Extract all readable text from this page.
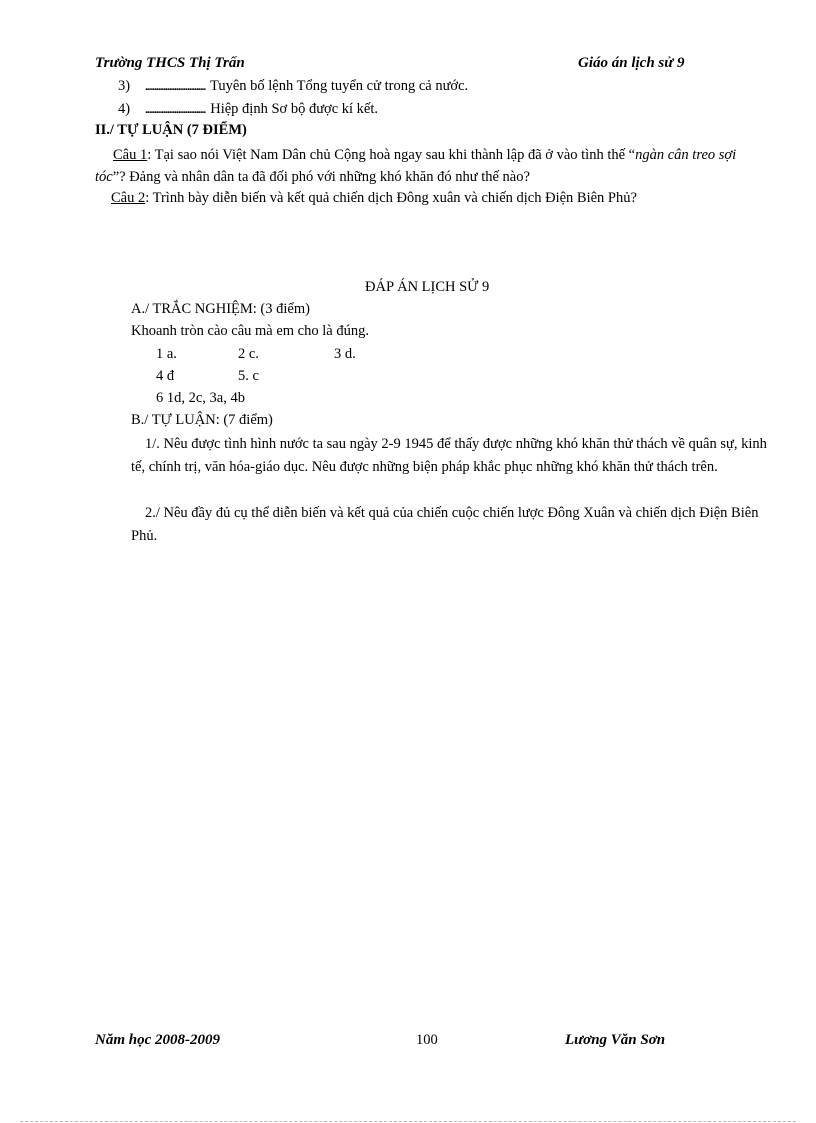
Trường THCS Thị Trấn	Giáo án lịch sử 9
3) ................................. Tuyên bố lệnh Tổng tuyển cử trong cả nước.
4) ................................. Hiệp định Sơ bộ được kí kết.
II./ TỰ LUẬN (7 ĐIỂM)
Câu 1: Tại sao nói Việt Nam Dân chủ Cộng hoà ngay sau khi thành lập đã ở vào tình thế “ngàn cân treo sợi tóc”? Đảng và nhân dân ta đã đối phó với những khó khăn đó như thế nào?
Câu 2: Trình bày diễn biến và kết quả chiến dịch Đông xuân và chiến dịch Điện Biên Phủ?
ĐÁP ÁN LỊCH SỬ 9
A./ TRẮC NGHIỆM: (3 điểm)
Khoanh tròn cào câu mà em cho là đúng.
1 a.	2 c.	3 d.
4 đ	5. c
6 1d, 2c, 3a, 4b
B./ TỰ LUẬN: (7 điểm)
1/. Nêu được tình hình nước ta sau ngày 2-9 1945 để thấy được những khó khăn thử thách về quân sự, kinh tế, chính trị, văn hóa-giáo dục. Nêu được những biện pháp khắc phục những khó khăn thử thách trên.
2./ Nêu đầy đủ cụ thể diễn biến và kết quả của chiến cuộc chiến lược Đông Xuân và chiến dịch Điện Biên Phủ.
Năm học 2008-2009	100	Lương Văn Sơn
